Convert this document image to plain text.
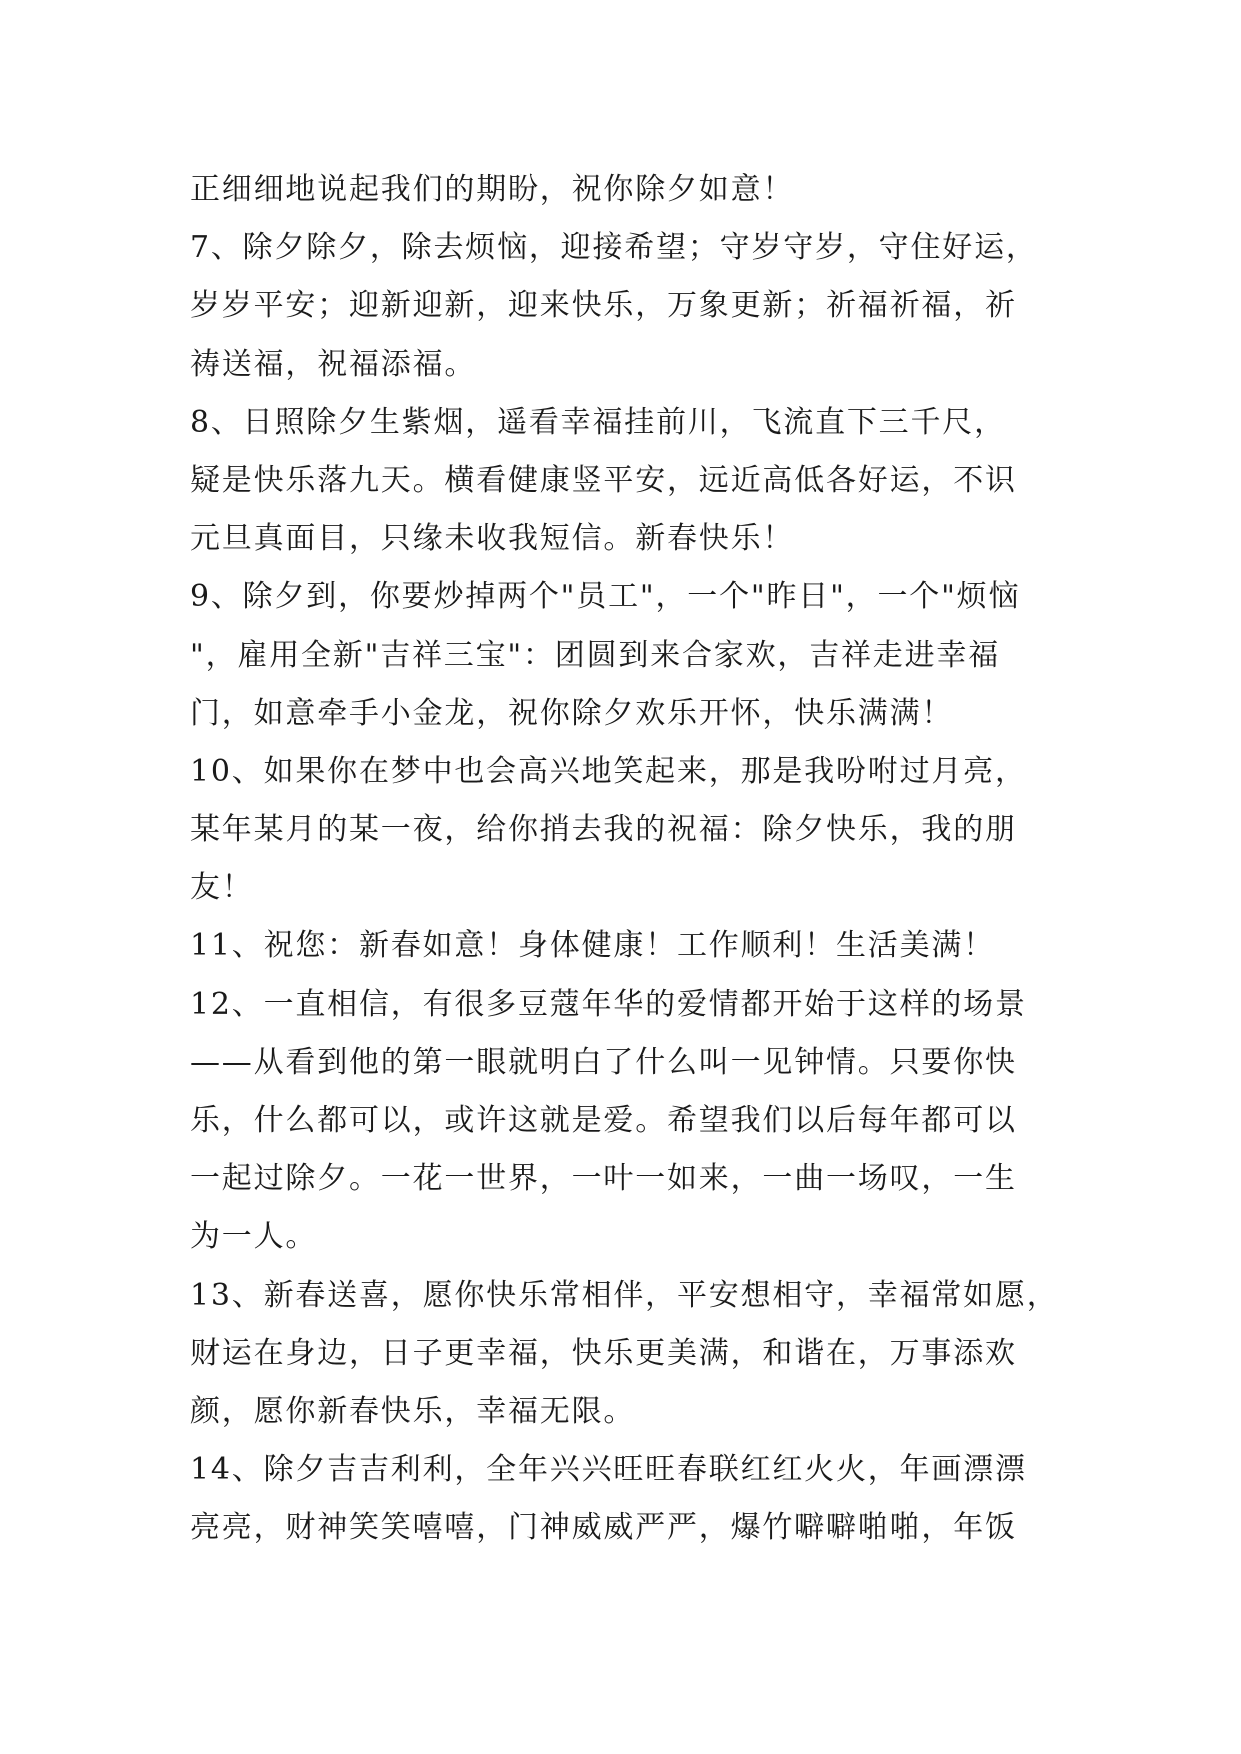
正细细地说起我们的期盼，祝你除夕如意！
7、除夕除夕，除去烦恼，迎接希望；守岁守岁，守住好运，
岁岁平安；迎新迎新，迎来快乐，万象更新；祈福祈福，祈
祷送福，祝福添福。
8、日照除夕生紫烟，遥看幸福挂前川，飞流直下三千尺，
疑是快乐落九天。横看健康竖平安，远近高低各好运，不识
元旦真面目，只缘未收我短信。新春快乐！
9、除夕到，你要炒掉两个"员工"，一个"昨日"，一个"烦恼
"，雇用全新"吉祥三宝"：团圆到来合家欢，吉祥走进幸福
门，如意牵手小金龙，祝你除夕欢乐开怀，快乐满满！
10、如果你在梦中也会高兴地笑起来，那是我吩咐过月亮，
某年某月的某一夜，给你捎去我的祝福：除夕快乐，我的朋
友！
11、祝您：新春如意！身体健康！工作顺利！生活美满！
12、一直相信，有很多豆蔻年华的爱情都开始于这样的场景
——从看到他的第一眼就明白了什么叫一见钟情。只要你快
乐，什么都可以，或许这就是爱。希望我们以后每年都可以
一起过除夕。一花一世界，一叶一如来，一曲一场叹，一生
为一人。
13、新春送喜，愿你快乐常相伴，平安想相守，幸福常如愿，
财运在身边，日子更幸福，快乐更美满，和谐在，万事添欢
颜，愿你新春快乐，幸福无限。
14、除夕吉吉利利，全年兴兴旺旺春联红红火火，年画漂漂
亮亮，财神笑笑嘻嘻，门神威威严严，爆竹噼噼啪啪，年饭
